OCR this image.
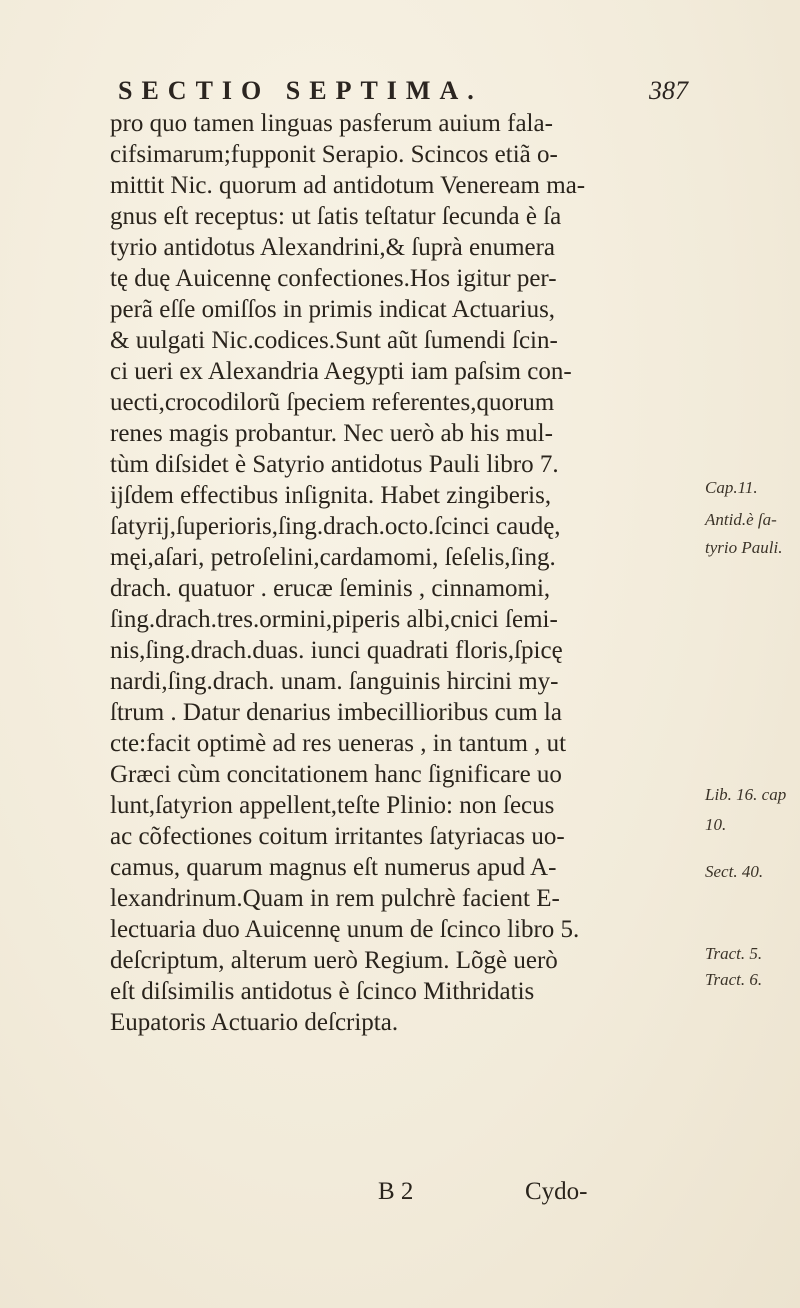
SECTIO SEPTIMA.	387
pro quo tamen linguas pasferum auium fala-
cifsimarum;fupponit Serapio. Scincos etiã o-
mittit Nic. quorum ad antidotum Veneream ma-
gnus eſt receptus: ut ſatis teſtatur ſecunda è ſa
tyrio antidotus Alexandrini,& ſuprà enumera
tę duę Auicennę confectiones.Hos igitur per-
perã eſſe omiſſos in primis indicat Actuarius,
& uulgati Nic.codices.Sunt aũt ſumendi ſcin-
ci ueri ex Alexandria Aegypti iam paſsim con-
uecti,crocodilorũ ſpeciem referentes,quorum
renes magis probantur. Nec uerò ab his mul-
tùm diſsidet è Satyrio antidotus Pauli libro 7.
ijſdem effectibus inſignita. Habet zingiberis,
ſatyrij,ſuperioris,ſing.drach.octo.ſcinci caudę,
męi,aſari, petroſelini,cardamomi, ſeſelis,ſing.
drach. quatuor . erucæ ſeminis , cinnamomi,
ſing.drach.tres.ormini,piperis albi,cnici ſemi-
nis,ſing.drach.duas. iunci quadrati floris,ſpicę
nardi,ſing.drach. unam. ſanguinis hircini my-
ſtrum . Datur denarius imbecillioribus cum la
cte:facit optimè ad res ueneras , in tantum , ut
Græci cùm concitationem hanc ſignificare uo
lunt,ſatyrion appellent,teſte Plinio: non ſecus
ac cõfectiones coitum irritantes ſatyriacas uo-
camus, quarum magnus eſt numerus apud A-
lexandrinum.Quam in rem pulchrè facient E-
lectuaria duo Auicennę unum de ſcinco libro 5.
deſcriptum, alterum uerò Regium. Lõgè uerò
eſt diſsimilis antidotus è ſcinco Mithridatis
Eupatoris Actuario deſcripta.
Cap.11.
Antid.è ſa-
tyrio Pauli.
Lib. 16. cap
10.
Sect. 40.
Tract. 5.
Tract. 6.
B 2	Cydo-
